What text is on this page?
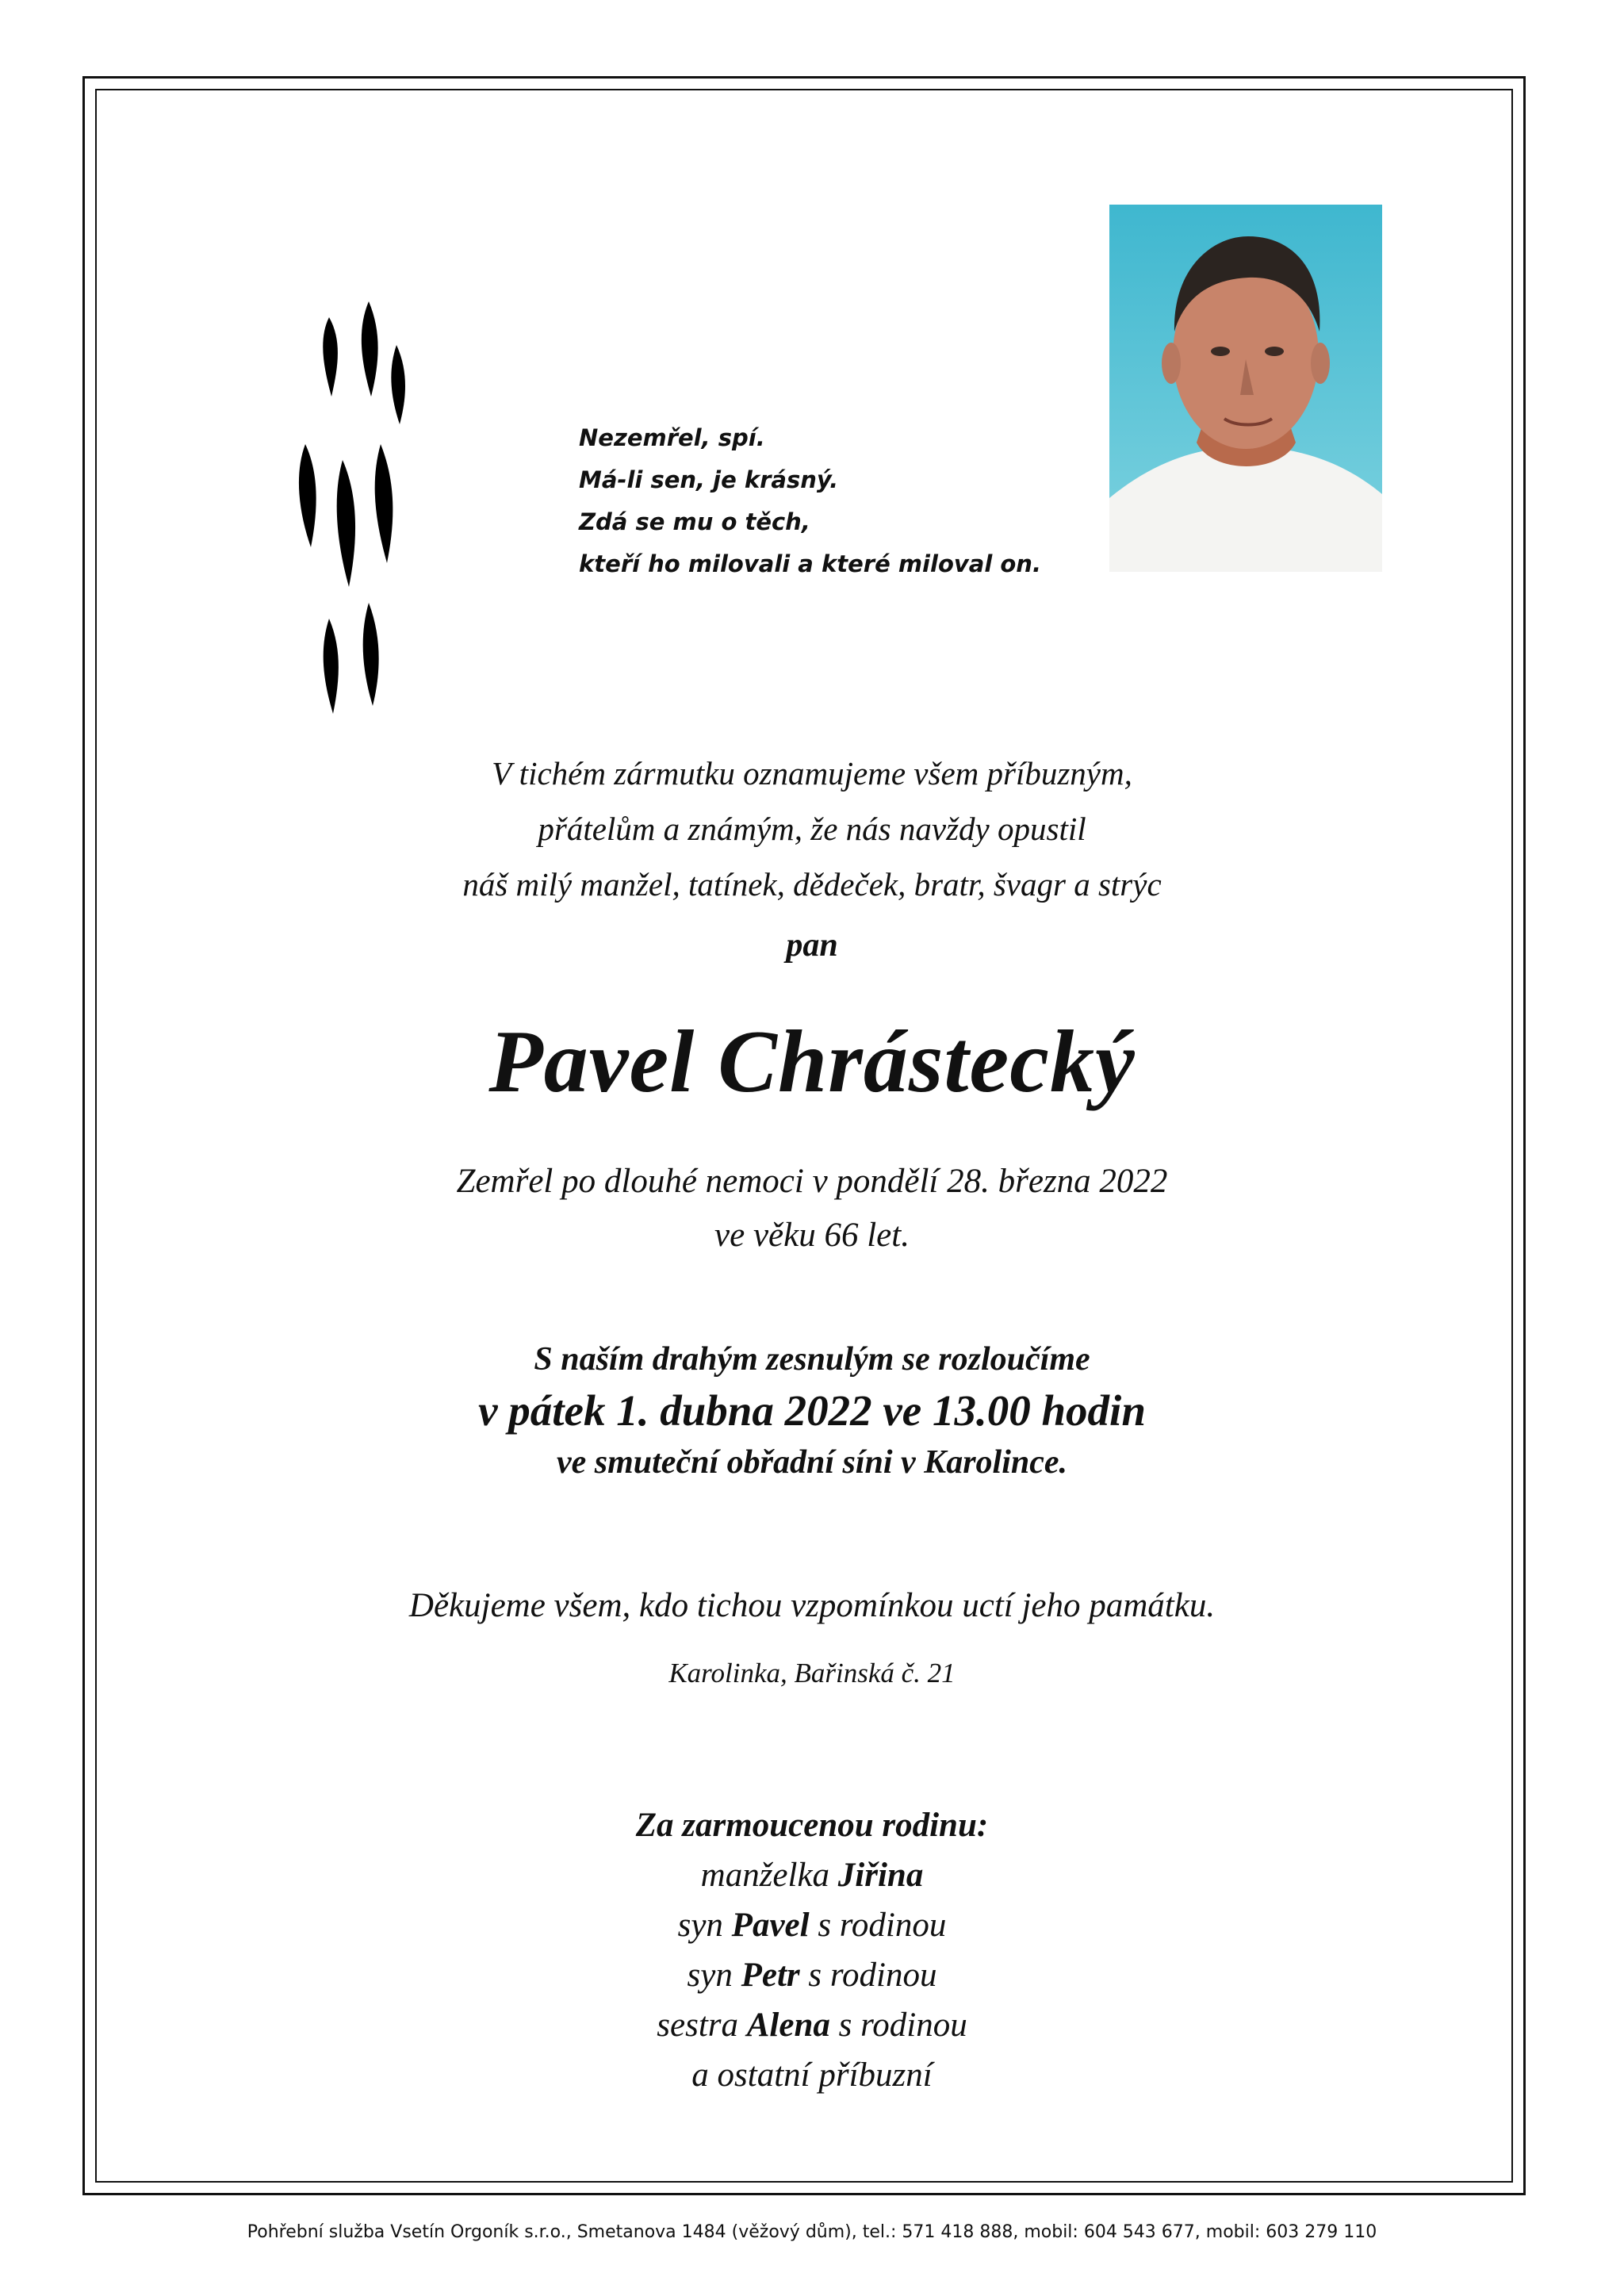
Nezemřel, spí.
Má-li sen, je krásný.
Zdá se mu o těch,
kteří ho milovali a které miloval on.
V tichém zármutku oznamujeme všem příbuzným,
přátelům a známým, že nás navždy opustil
náš milý manžel, tatínek, dědeček, bratr, švagr a strýc
pan
Pavel Chrástecký
Zemřel po dlouhé nemoci v pondělí 28. března 2022
ve věku 66 let.
S naším drahým zesnulým se rozloučíme
v pátek 1. dubna 2022 ve 13.00 hodin
ve smuteční obřadní síni v Karolince.
Děkujeme všem, kdo tichou vzpomínkou uctí jeho památku.
Karolinka, Bařinská č. 21
Za zarmoucenou rodinu:
manželka Jiřina
syn Pavel s rodinou
syn Petr s rodinou
sestra Alena s rodinou
a ostatní příbuzní
Pohřební služba Vsetín Orgoník s.r.o., Smetanova 1484 (věžový dům), tel.: 571 418 888, mobil: 604 543 677, mobil: 603 279 110
